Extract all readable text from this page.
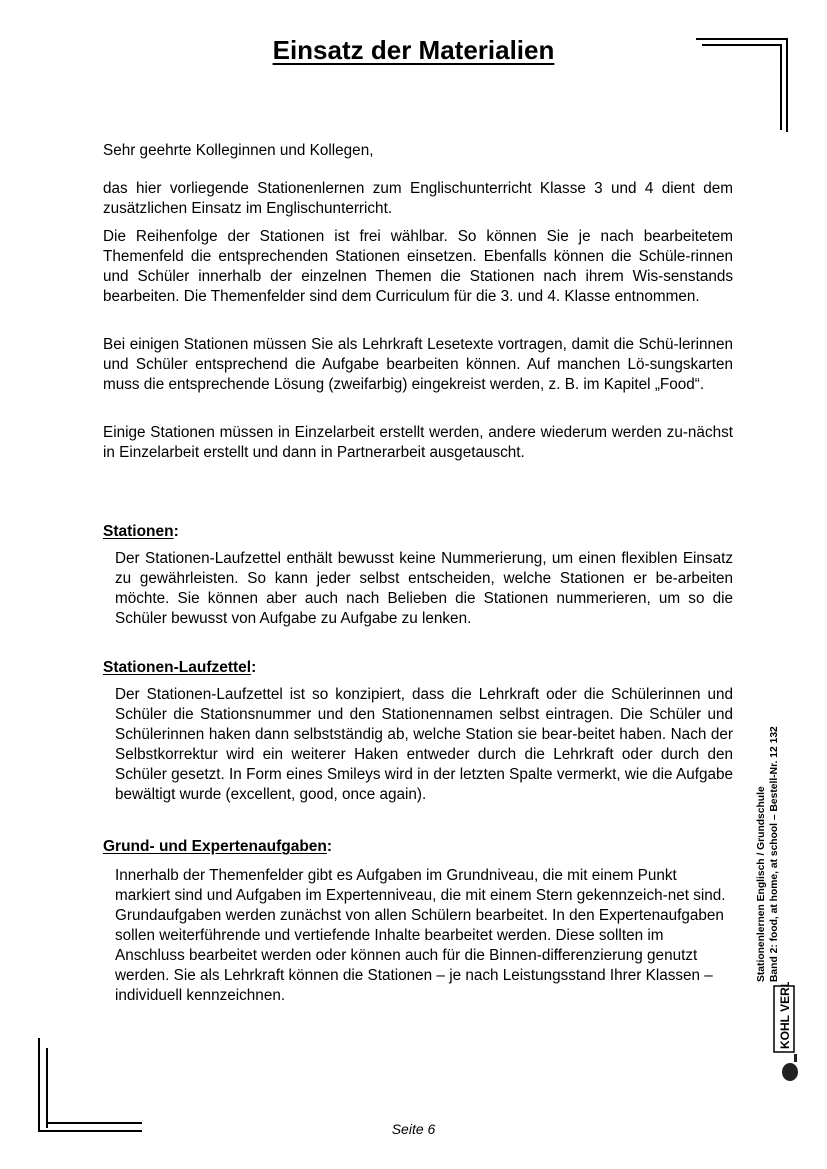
Einsatz der Materialien
Sehr geehrte Kolleginnen und Kollegen,
das hier vorliegende Stationenlernen zum Englischunterricht Klasse 3 und 4 dient dem zusätzlichen Einsatz im Englischunterricht.
Die Reihenfolge der Stationen ist frei wählbar. So können Sie je nach bearbeitetem Themenfeld die entsprechenden Stationen einsetzen. Ebenfalls können die Schüle-rinnen und Schüler innerhalb der einzelnen Themen die Stationen nach ihrem Wis-senstands bearbeiten. Die Themenfelder sind dem Curriculum für die 3. und 4. Klasse entnommen.
Bei einigen Stationen müssen Sie als Lehrkraft Lesetexte vortragen, damit die Schü-lerinnen und Schüler entsprechend die Aufgabe bearbeiten können. Auf manchen Lö-sungskarten muss die entsprechende Lösung (zweifarbig) eingekreist werden, z. B. im Kapitel „Food“.
Einige Stationen müssen in Einzelarbeit erstellt werden, andere wiederum werden zu-nächst in Einzelarbeit erstellt und dann in Partnerarbeit ausgetauscht.
Stationen:
Der Stationen-Laufzettel enthält bewusst keine Nummerierung, um einen flexiblen Einsatz zu gewährleisten. So kann jeder selbst entscheiden, welche Stationen er be-arbeiten möchte. Sie können aber auch nach Belieben die Stationen nummerieren, um so die Schüler bewusst von Aufgabe zu Aufgabe zu lenken.
Stationen-Laufzettel:
Der Stationen-Laufzettel ist so konzipiert, dass die Lehrkraft oder die Schülerinnen und Schüler die Stationsnummer und den Stationennamen selbst eintragen. Die Schüler und Schülerinnen haken dann selbstständig ab, welche Station sie bear-beitet haben. Nach der Selbstkorrektur wird ein weiterer Haken entweder durch die Lehrkraft oder durch den Schüler gesetzt. In Form eines Smileys wird in der letzten Spalte vermerkt, wie die Aufgabe bewältigt wurde (excellent, good, once again).
Grund- und Expertenaufgaben:
Innerhalb der Themenfelder gibt es Aufgaben im Grundniveau, die mit einem Punkt markiert sind und Aufgaben im Expertenniveau, die mit einem Stern gekennzeich-net sind. Grundaufgaben werden zunächst von allen Schülern bearbeitet. In den Expertenaufgaben sollen weiterführende und vertiefende Inhalte bearbeitet werden. Diese sollten im Anschluss bearbeitet werden oder können auch für die Binnen-differenzierung genutzt werden. Sie als Lehrkraft können die Stationen – je nach Leistungsstand Ihrer Klassen – individuell kennzeichnen.
Seite 6
KOHL VERLAG
Stationenlernen Englisch / Grundschule Band 2: food, at home, at school – Bestell-Nr. 12 132
